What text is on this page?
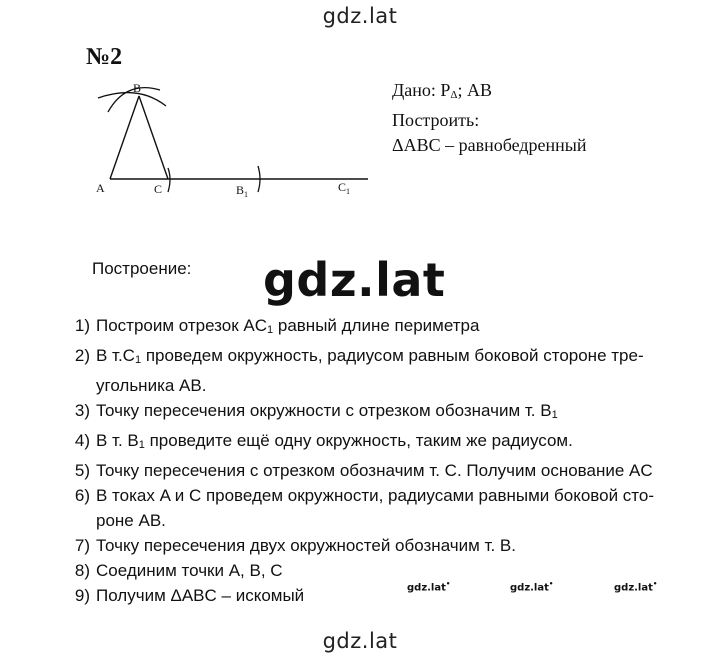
gdz.lat
№2
A
B
C	$B_1$
$C_1$
Дано: $P_\Delta$; AB
Построить:
ΔABC – равнобедренный
Построение: gdz.lat
1) Построим отрезок $AC_1$ равный длине периметра
2) В $т.C_1$ проведем окружность, радиусом равным боковой стороне тре-
угольника AB.
3) Точку пересечения окружности с отрезком обозначим т. $B_1$
4) В т. $B_1$ проведите ещё одну окружность, таким же радиусом.
5) Точку пересечения с отрезком обозначим т. C. Получим основание AC
6) В токах A и C проведем окружности, радиусами равными боковой сто-
роне AB.
7) Точку пересечения двух окружностей обозначим т. B.
8) Соединим точки A, B, C
9) Получим ΔABC – искомый	gdz.lat•	gdz.lat•	gdz.lat•
gdz.lat
